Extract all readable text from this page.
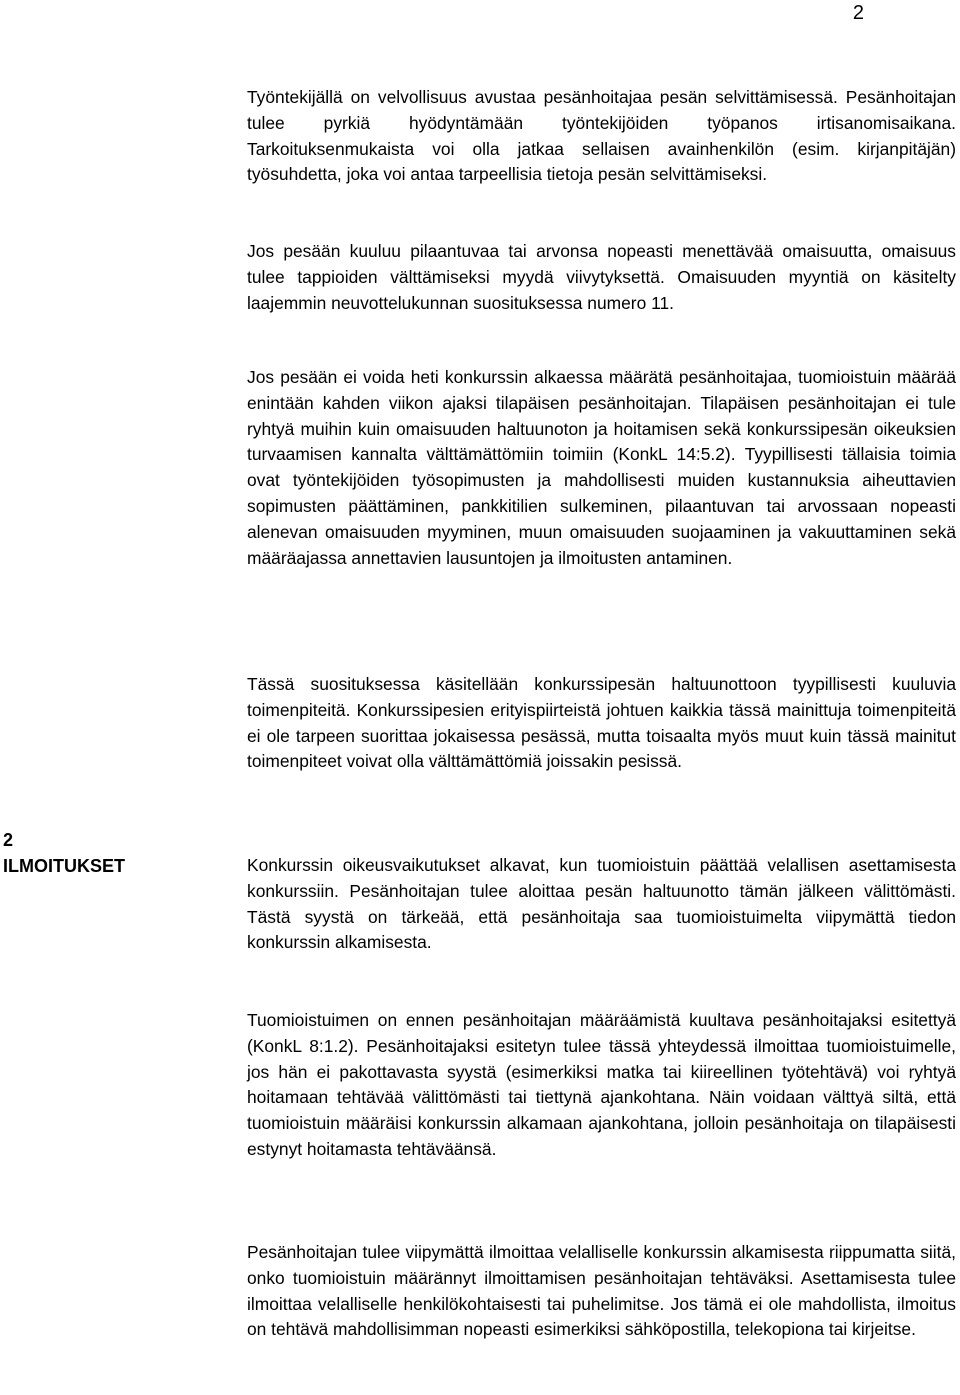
2

Työntekijällä on velvollisuus avustaa pesänhoitajaa pesän selvittämisessä. Pesänhoitajan tulee pyrkiä hyödyntämään työntekijöiden työpanos irtisanomisaikana. Tarkoituksenmukaista voi olla jatkaa sellaisen avainhenkilön (esim. kirjanpitäjän) työsuhdetta, joka voi antaa tarpeellisia tietoja pesän selvittämiseksi.

Jos pesään kuuluu pilaantuvaa tai arvonsa nopeasti menettävää omaisuutta, omaisuus tulee tappioiden välttämiseksi myydä viivytyksettä. Omaisuuden myyntiä on käsitelty laajemmin neuvottelukunnan suosituksessa numero 11.

Jos pesään ei voida heti konkurssin alkaessa määrätä pesänhoitajaa, tuomioistuin määrää enintään kahden viikon ajaksi tilapäisen pesänhoitajan. Tilapäisen pesänhoitajan ei tule ryhtyä muihin kuin omaisuuden haltuunoton ja hoitamisen sekä konkurssipesän oikeuksien turvaamisen kannalta välttämättömiin toimiin (KonkL 14:5.2). Tyypillisesti tällaisia toimia ovat työntekijöiden työsopimusten ja mahdollisesti muiden kustannuksia aiheuttavien sopimusten päättäminen, pankkitilien sulkeminen, pilaantuvan tai arvossaan nopeasti alenevan omaisuuden myyminen, muun omaisuuden suojaaminen ja vakuuttaminen sekä määräajassa annettavien lausuntojen ja ilmoitusten antaminen.

Tässä suosituksessa käsitellään konkurssipesän haltuunottoon tyypillisesti kuuluvia toimenpiteitä. Konkurssipesien erityispiirteistä johtuen kaikkia tässä mainittuja toimenpiteitä ei ole tarpeen suorittaa jokaisessa pesässä, mutta toisaalta myös muut kuin tässä mainitut toimenpiteet voivat olla välttämättömiä joissakin pesissä.

2
ILMOITUKSET	Konkurssin oikeusvaikutukset alkavat, kun tuomioistuin päättää velallisen asettamisesta konkurssiin. Pesänhoitajan tulee aloittaa pesän haltuunotto tämän jälkeen välittömästi. Tästä syystä on tärkeää, että pesänhoitaja saa tuomioistuimelta viipymättä tiedon konkurssin alkamisesta.

Tuomioistuimen on ennen pesänhoitajan määräämistä kuultava pesänhoitajaksi esitettyä (KonkL 8:1.2). Pesänhoitajaksi esitetyn tulee tässä yhteydessä ilmoittaa tuomioistuimelle, jos hän ei pakottavasta syystä (esimerkiksi matka tai kiireellinen työtehtävä) voi ryhtyä hoitamaan tehtävää välittömästi tai tiettynä ajankohtana. Näin voidaan välttyä siltä, että tuomioistuin määräisi konkurssin alkamaan ajankohtana, jolloin pesänhoitaja on tilapäisesti estynyt hoitamasta tehtäväänsä.

Pesänhoitajan tulee viipymättä ilmoittaa velalliselle konkurssin alkamisesta riippumatta siitä, onko tuomioistuin määrännyt ilmoittamisen pesänhoitajan tehtäväksi. Asettamisesta tulee ilmoittaa velalliselle henkilökohtaisesti tai puhelimitse. Jos tämä ei ole mahdollista, ilmoitus on tehtävä mahdollisimman nopeasti esimerkiksi sähköpostilla, telekopiona tai kirjeitse.
